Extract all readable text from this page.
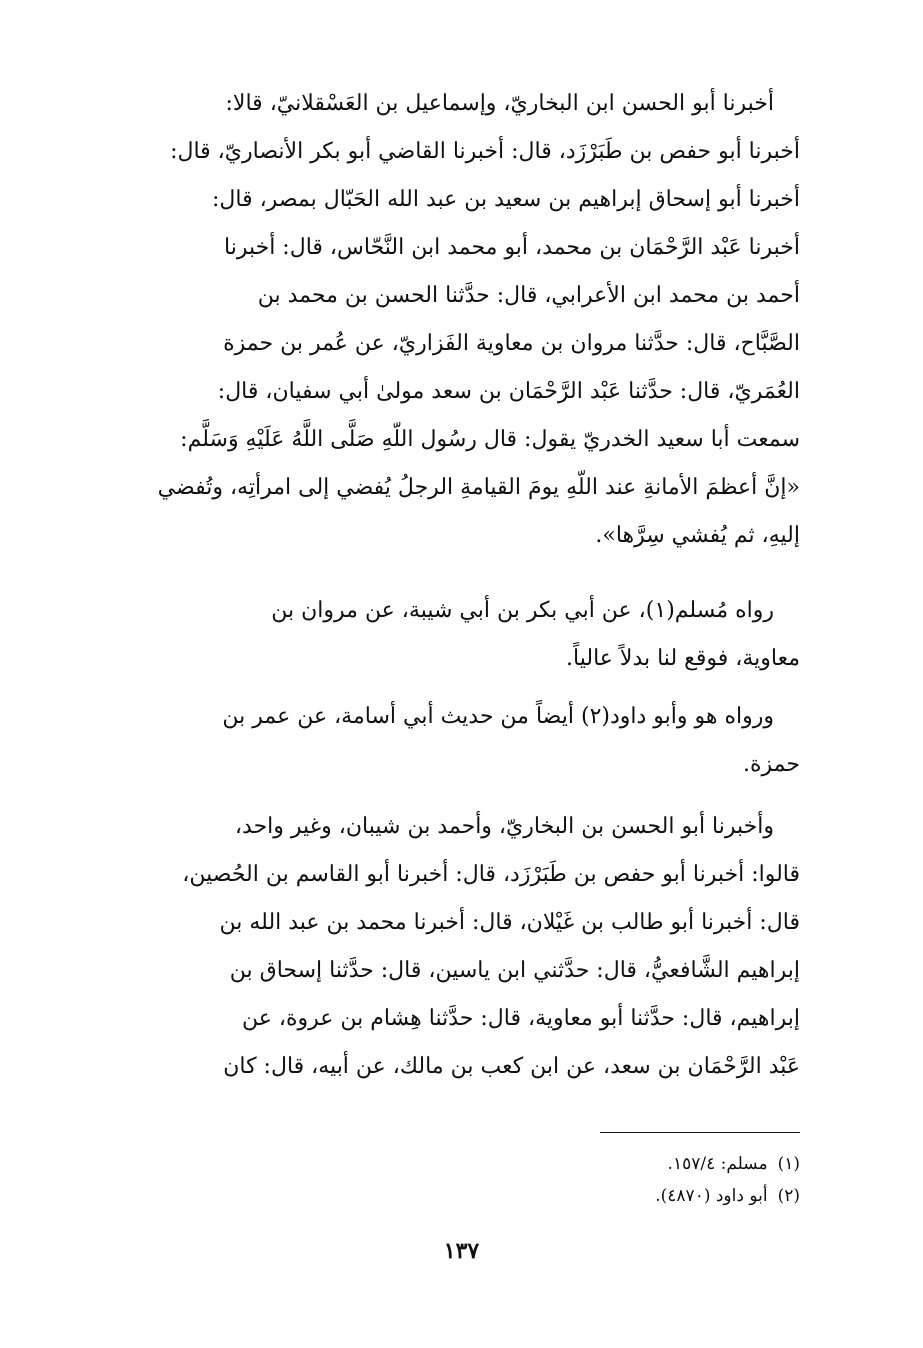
أخبرنا أبو الحسن ابن البخاريّ، وإسماعيل بن العَسْقلانيّ، قالا:
أخبرنا أبو حفص بن طَبَرْزَد، قال: أخبرنا القاضي أبو بكر الأنصاريّ، قال:
أخبرنا أبو إسحاق إبراهيم بن سعيد بن عبد الله الحَبّال بمصر، قال:
أخبرنا عَبْد الرَّحْمَان بن محمد، أبو محمد ابن النَّحّاس، قال: أخبرنا
أحمد بن محمد ابن الأعرابي، قال: حدَّثنا الحسن بن محمد بن
الصَّبَّاح، قال: حدَّثنا مروان بن معاوية الفَزاريّ، عن عُمر بن حمزة
العُمَريّ، قال: حدَّثنا عَبْد الرَّحْمَان بن سعد مولىٰ أبي سفيان، قال:
سمعت أبا سعيد الخدريّ يقول: قال رسُول اللّهِ صَلَّى اللَّهُ عَلَيْهِ وَسَلَّم:
«إنَّ أعظمَ الأمانةِ عند اللّهِ يومَ القيامةِ الرجلُ يُفضي إلى امرأتِه، وتُفضي
إليهِ، ثم يُفشي سِرَّها».
رواه مُسلم(١)، عن أبي بكر بن أبي شيبة، عن مروان بن
معاوية، فوقع لنا بدلاً عالياً.
ورواه هو وأبو داود(٢) أيضاً من حديث أبي أسامة، عن عمر بن
حمزة.
وأخبرنا أبو الحسن بن البخاريّ، وأحمد بن شيبان، وغير واحد،
قالوا: أخبرنا أبو حفص بن طَبَرْزَد، قال: أخبرنا أبو القاسم بن الحُصين،
قال: أخبرنا أبو طالب بن غَيْلان، قال: أخبرنا محمد بن عبد الله بن
إبراهيم الشَّافعيُّ، قال: حدَّثني ابن ياسين، قال: حدَّثنا إسحاق بن
إبراهيم، قال: حدَّثنا أبو معاوية، قال: حدَّثنا هِشام بن عروة، عن
عَبْد الرَّحْمَان بن سعد، عن ابن كعب بن مالك، عن أبيه، قال: كان
(١)مسلم: ١٥٧/٤.
(٢)أبو داود (٤٨٧٠).
١٣٧
